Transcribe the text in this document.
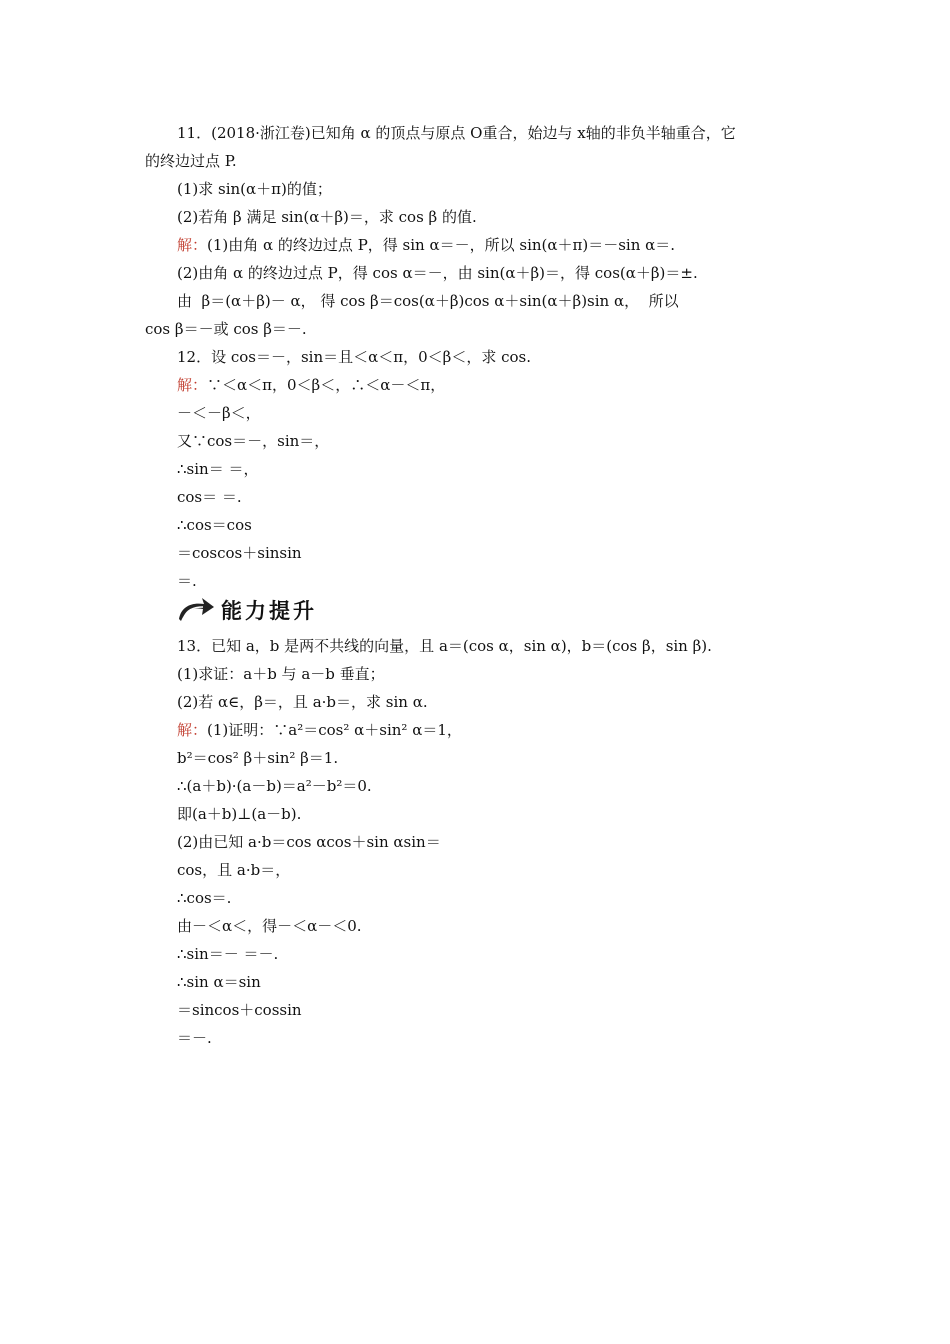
11．(2018·浙江卷)已知角 α 的顶点与原点 O重合，始边与 x轴的非负半轴重合，它
的终边过点 P.
(1)求 sin(α＋π)的值；
(2)若角 β 满足 sin(α＋β)＝，求 cos β 的值.
解：(1)由角 α 的终边过点 P，得 sin α＝－，所以 sin(α＋π)＝－sin α＝.
(2)由角 α 的终边过点 P，得 cos α＝－，由 sin(α＋β)＝，得 cos(α＋β)＝±.
由  β＝(α＋β)－ α， 得 cos β＝cos(α＋β)cos α＋sin(α＋β)sin α，  所以
cos β＝－或 cos β＝－.
12．设 cos＝－，sin＝且＜α＜π，0＜β＜，求 cos.
解：∵＜α＜π，0＜β＜，∴＜α－＜π，
－＜－β＜，
又∵cos＝－，sin＝，
∴sin＝ ＝，
cos＝ ＝.
∴cos＝cos
＝coscos＋sinsin
＝.
能力提升
13．已知 a，b 是两不共线的向量，且 a＝(cos α，sin α)，b＝(cos β，sin β).
(1)求证：a＋b 与 a－b 垂直；
(2)若 α∈，β＝，且 a·b＝，求 sin α.
解：(1)证明：∵a²＝cos² α＋sin² α＝1，
b²＝cos² β＋sin² β＝1.
∴(a＋b)·(a－b)＝a²－b²＝0.
即(a＋b)⊥(a－b).
(2)由已知 a·b＝cos αcos＋sin αsin＝
cos，且 a·b＝，
∴cos＝.
由－＜α＜，得－＜α－＜0.
∴sin＝－ ＝－.
∴sin α＝sin
＝sincos＋cossin
＝－.
